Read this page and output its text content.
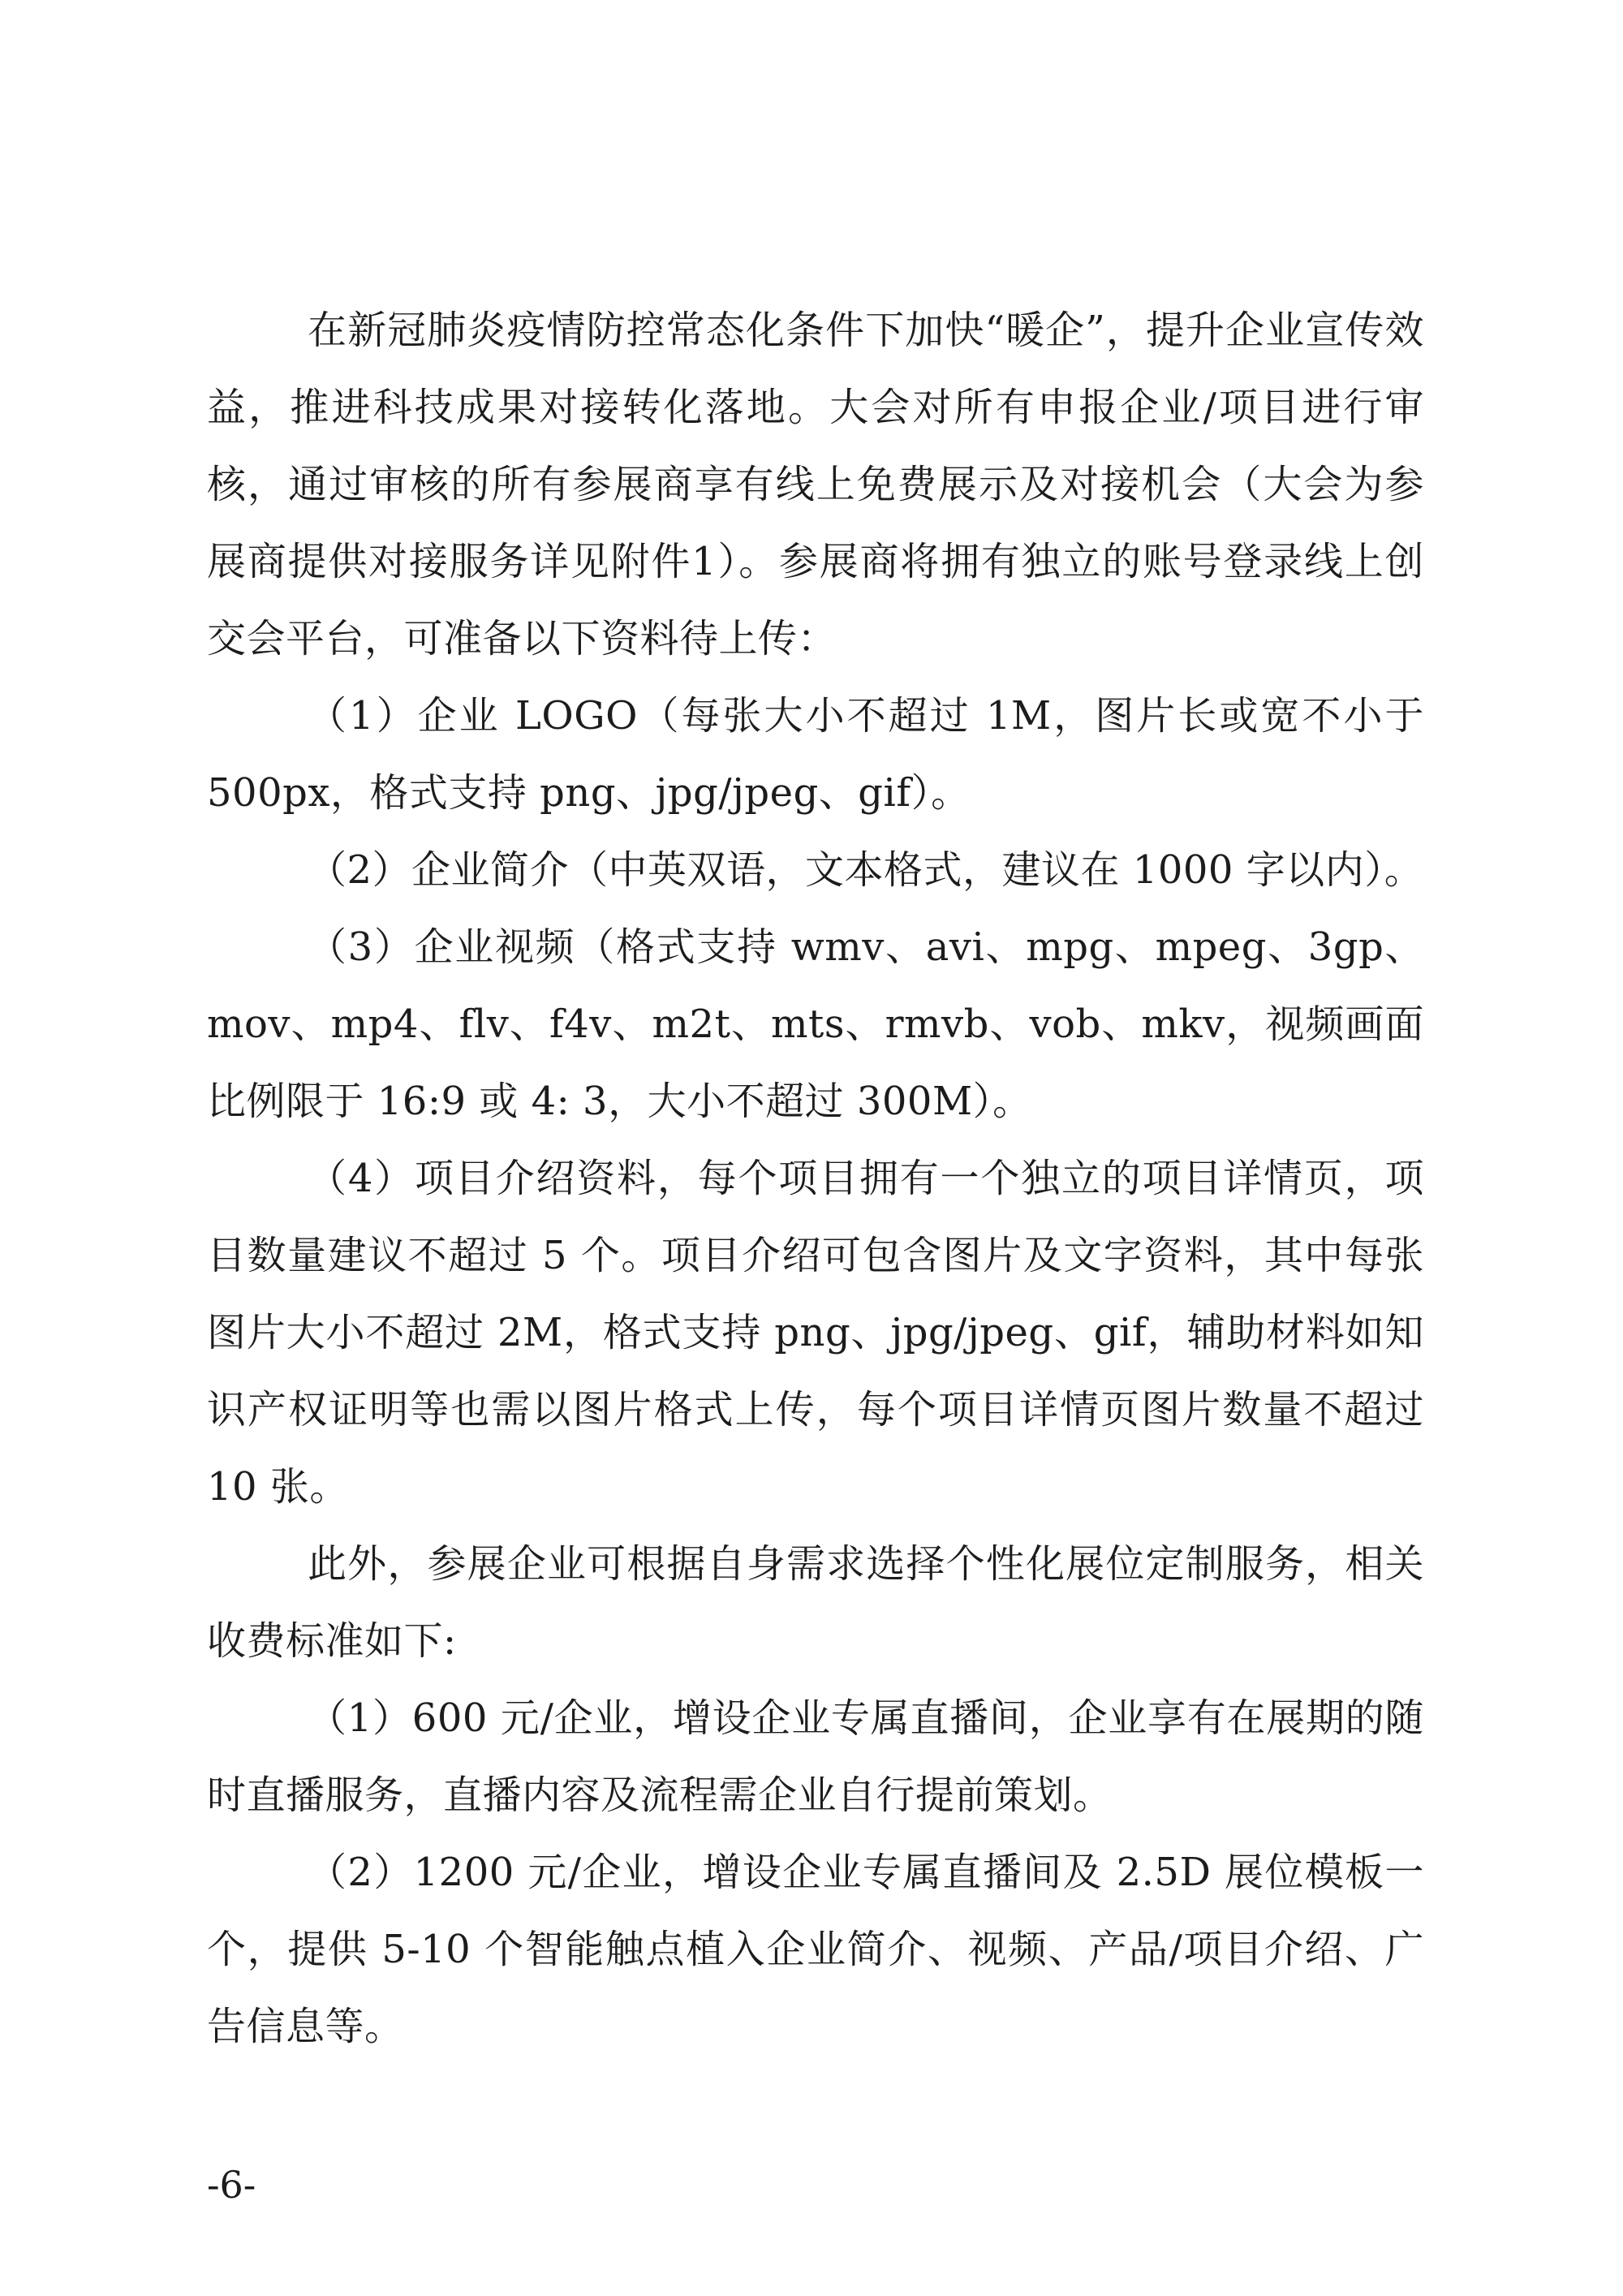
在新冠肺炎疫情防控常态化条件下加快“暖企”，提升企业宣传效益，推进科技成果对接转化落地。大会对所有申报企业/项目进行审核，通过审核的所有参展商享有线上免费展示及对接机会（大会为参展商提供对接服务详见附件1）。参展商将拥有独立的账号登录线上创交会平台，可准备以下资料待上传：

（1）企业 LOGO（每张大小不超过 1M，图片长或宽不小于500px，格式支持 png、jpg/jpeg、gif）。

（2）企业简介（中英双语，文本格式，建议在 1000 字以内）。

（3）企业视频（格式支持 wmv、avi、mpg、mpeg、3gp、mov、mp4、flv、f4v、m2t、mts、rmvb、vob、mkv，视频画面比例限于 16:9 或 4: 3，大小不超过 300M）。

（4）项目介绍资料，每个项目拥有一个独立的项目详情页，项目数量建议不超过 5 个。项目介绍可包含图片及文字资料，其中每张图片大小不超过 2M，格式支持 png、jpg/jpeg、gif，辅助材料如知识产权证明等也需以图片格式上传，每个项目详情页图片数量不超过 10 张。

此外，参展企业可根据自身需求选择个性化展位定制服务，相关收费标准如下:

（1）600 元/企业，增设企业专属直播间，企业享有在展期的随时直播服务，直播内容及流程需企业自行提前策划。

（2）1200 元/企业，增设企业专属直播间及 2.5D 展位模板一个，提供 5-10 个智能触点植入企业简介、视频、产品/项目介绍、广告信息等。

-6-
